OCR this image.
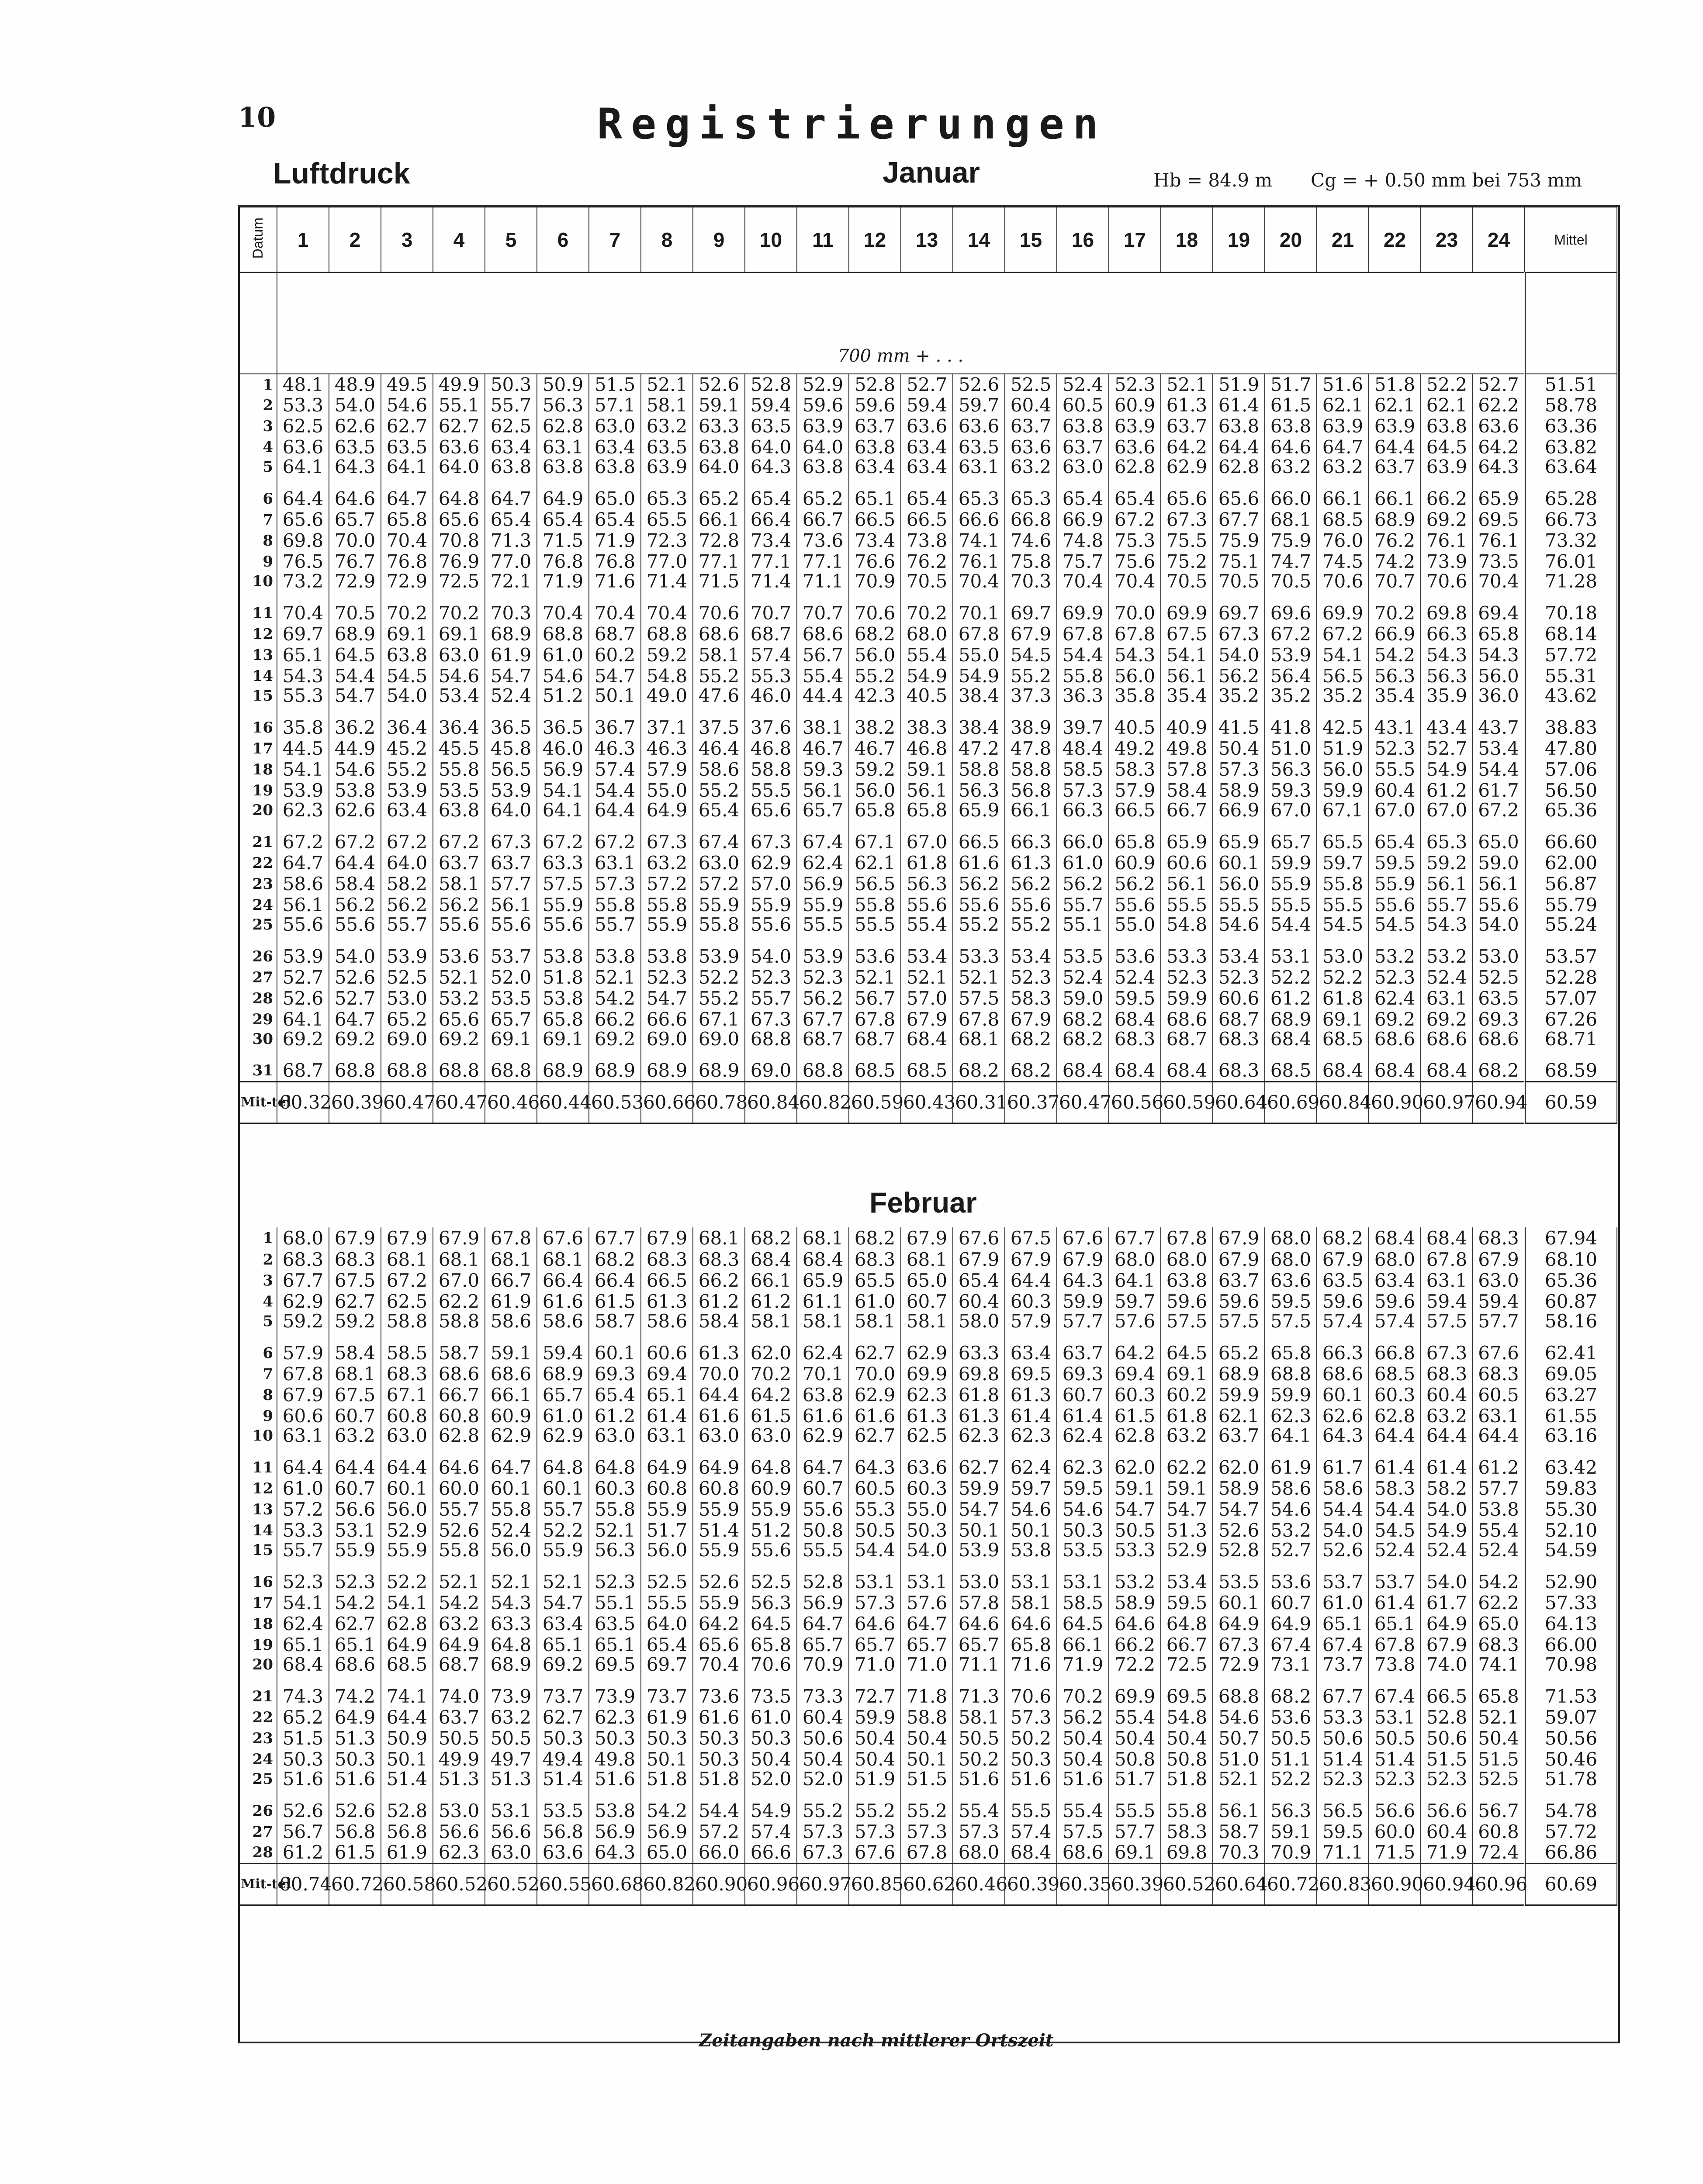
10	Registrierungen
Luftdruck	Januar	Hb = 84.9 m Cg = + 0.50 mm bei 753 mm
Datum	1	2	3	4	5	6	7	8	9	10	11	12	13	14	15	16	17	18	19	20	21	22	23	24	Mittel
	700 mm + . . .																								
1	48.1	48.9	49.5	49.9	50.3	50.9	51.5	52.1	52.6	52.8	52.9	52.8	52.7	52.6	52.5	52.4	52.3	52.1	51.9	51.7	51.6	51.8	52.2	52.7	51.51
2	53.3	54.0	54.6	55.1	55.7	56.3	57.1	58.1	59.1	59.4	59.6	59.6	59.4	59.7	60.4	60.5	60.9	61.3	61.4	61.5	62.1	62.1	62.1	62.2	58.78
3	62.5	62.6	62.7	62.7	62.5	62.8	63.0	63.2	63.3	63.5	63.9	63.7	63.6	63.6	63.7	63.8	63.9	63.7	63.8	63.8	63.9	63.9	63.8	63.6	63.36
4	63.6	63.5	63.5	63.6	63.4	63.1	63.4	63.5	63.8	64.0	64.0	63.8	63.4	63.5	63.6	63.7	63.6	64.2	64.4	64.6	64.7	64.4	64.5	64.2	63.82
5	64.1	64.3	64.1	64.0	63.8	63.8	63.8	63.9	64.0	64.3	63.8	63.4	63.4	63.1	63.2	63.0	62.8	62.9	62.8	63.2	63.2	63.7	63.9	64.3	63.64
6	64.4	64.6	64.7	64.8	64.7	64.9	65.0	65.3	65.2	65.4	65.2	65.1	65.4	65.3	65.3	65.4	65.4	65.6	65.6	66.0	66.1	66.1	66.2	65.9	65.28
7	65.6	65.7	65.8	65.6	65.4	65.4	65.4	65.5	66.1	66.4	66.7	66.5	66.5	66.6	66.8	66.9	67.2	67.3	67.7	68.1	68.5	68.9	69.2	69.5	66.73
8	69.8	70.0	70.4	70.8	71.3	71.5	71.9	72.3	72.8	73.4	73.6	73.4	73.8	74.1	74.6	74.8	75.3	75.5	75.9	75.9	76.0	76.2	76.1	76.1	73.32
9	76.5	76.7	76.8	76.9	77.0	76.8	76.8	77.0	77.1	77.1	77.1	76.6	76.2	76.1	75.8	75.7	75.6	75.2	75.1	74.7	74.5	74.2	73.9	73.5	76.01
10	73.2	72.9	72.9	72.5	72.1	71.9	71.6	71.4	71.5	71.4	71.1	70.9	70.5	70.4	70.3	70.4	70.4	70.5	70.5	70.5	70.6	70.7	70.6	70.4	71.28
11	70.4	70.5	70.2	70.2	70.3	70.4	70.4	70.4	70.6	70.7	70.7	70.6	70.2	70.1	69.7	69.9	70.0	69.9	69.7	69.6	69.9	70.2	69.8	69.4	70.18
12	69.7	68.9	69.1	69.1	68.9	68.8	68.7	68.8	68.6	68.7	68.6	68.2	68.0	67.8	67.9	67.8	67.8	67.5	67.3	67.2	67.2	66.9	66.3	65.8	68.14
13	65.1	64.5	63.8	63.0	61.9	61.0	60.2	59.2	58.1	57.4	56.7	56.0	55.4	55.0	54.5	54.4	54.3	54.1	54.0	53.9	54.1	54.2	54.3	54.3	57.72
14	54.3	54.4	54.5	54.6	54.7	54.6	54.7	54.8	55.2	55.3	55.4	55.2	54.9	54.9	55.2	55.8	56.0	56.1	56.2	56.4	56.5	56.3	56.3	56.0	55.31
15	55.3	54.7	54.0	53.4	52.4	51.2	50.1	49.0	47.6	46.0	44.4	42.3	40.5	38.4	37.3	36.3	35.8	35.4	35.2	35.2	35.2	35.4	35.9	36.0	43.62
16	35.8	36.2	36.4	36.4	36.5	36.5	36.7	37.1	37.5	37.6	38.1	38.2	38.3	38.4	38.9	39.7	40.5	40.9	41.5	41.8	42.5	43.1	43.4	43.7	38.83
17	44.5	44.9	45.2	45.5	45.8	46.0	46.3	46.3	46.4	46.8	46.7	46.7	46.8	47.2	47.8	48.4	49.2	49.8	50.4	51.0	51.9	52.3	52.7	53.4	47.80
18	54.1	54.6	55.2	55.8	56.5	56.9	57.4	57.9	58.6	58.8	59.3	59.2	59.1	58.8	58.8	58.5	58.3	57.8	57.3	56.3	56.0	55.5	54.9	54.4	57.06
19	53.9	53.8	53.9	53.5	53.9	54.1	54.4	55.0	55.2	55.5	56.1	56.0	56.1	56.3	56.8	57.3	57.9	58.4	58.9	59.3	59.9	60.4	61.2	61.7	56.50
20	62.3	62.6	63.4	63.8	64.0	64.1	64.4	64.9	65.4	65.6	65.7	65.8	65.8	65.9	66.1	66.3	66.5	66.7	66.9	67.0	67.1	67.0	67.0	67.2	65.36
21	67.2	67.2	67.2	67.2	67.3	67.2	67.2	67.3	67.4	67.3	67.4	67.1	67.0	66.5	66.3	66.0	65.8	65.9	65.9	65.7	65.5	65.4	65.3	65.0	66.60
22	64.7	64.4	64.0	63.7	63.7	63.3	63.1	63.2	63.0	62.9	62.4	62.1	61.8	61.6	61.3	61.0	60.9	60.6	60.1	59.9	59.7	59.5	59.2	59.0	62.00
23	58.6	58.4	58.2	58.1	57.7	57.5	57.3	57.2	57.2	57.0	56.9	56.5	56.3	56.2	56.2	56.2	56.2	56.1	56.0	55.9	55.8	55.9	56.1	56.1	56.87
24	56.1	56.2	56.2	56.2	56.1	55.9	55.8	55.8	55.9	55.9	55.9	55.8	55.6	55.6	55.6	55.7	55.6	55.5	55.5	55.5	55.5	55.6	55.7	55.6	55.79
25	55.6	55.6	55.7	55.6	55.6	55.6	55.7	55.9	55.8	55.6	55.5	55.5	55.4	55.2	55.2	55.1	55.0	54.8	54.6	54.4	54.5	54.5	54.3	54.0	55.24
26	53.9	54.0	53.9	53.6	53.7	53.8	53.8	53.8	53.9	54.0	53.9	53.6	53.4	53.3	53.4	53.5	53.6	53.3	53.4	53.1	53.0	53.2	53.2	53.0	53.57
27	52.7	52.6	52.5	52.1	52.0	51.8	52.1	52.3	52.2	52.3	52.3	52.1	52.1	52.1	52.3	52.4	52.4	52.3	52.3	52.2	52.2	52.3	52.4	52.5	52.28
28	52.6	52.7	53.0	53.2	53.5	53.8	54.2	54.7	55.2	55.7	56.2	56.7	57.0	57.5	58.3	59.0	59.5	59.9	60.6	61.2	61.8	62.4	63.1	63.5	57.07
29	64.1	64.7	65.2	65.6	65.7	65.8	66.2	66.6	67.1	67.3	67.7	67.8	67.9	67.8	67.9	68.2	68.4	68.6	68.7	68.9	69.1	69.2	69.2	69.3	67.26
30	69.2	69.2	69.0	69.2	69.1	69.1	69.2	69.0	69.0	68.8	68.7	68.7	68.4	68.1	68.2	68.2	68.3	68.7	68.3	68.4	68.5	68.6	68.6	68.6	68.71
31	68.7	68.8	68.8	68.8	68.8	68.9	68.9	68.9	68.9	69.0	68.8	68.5	68.5	68.2	68.2	68.4	68.4	68.4	68.3	68.5	68.4	68.4	68.4	68.2	68.59
Mit-tel	60.32	60.39	60.47	60.47	60.46	60.44	60.53	60.66	60.78	60.84	60.82	60.59	60.43	60.31	60.37	60.47	60.56	60.59	60.64	60.69	60.84	60.90	60.97	60.94	60.59
Februar
1	68.0	67.9	67.9	67.9	67.8	67.6	67.7	67.9	68.1	68.2	68.1	68.2	67.9	67.6	67.5	67.6	67.7	67.8	67.9	68.0	68.2	68.4	68.4	68.3	67.94
2	68.3	68.3	68.1	68.1	68.1	68.1	68.2	68.3	68.3	68.4	68.4	68.3	68.1	67.9	67.9	67.9	68.0	68.0	67.9	68.0	67.9	68.0	67.8	67.9	68.10
3	67.7	67.5	67.2	67.0	66.7	66.4	66.4	66.5	66.2	66.1	65.9	65.5	65.0	65.4	64.4	64.3	64.1	63.8	63.7	63.6	63.5	63.4	63.1	63.0	65.36
4	62.9	62.7	62.5	62.2	61.9	61.6	61.5	61.3	61.2	61.2	61.1	61.0	60.7	60.4	60.3	59.9	59.7	59.6	59.6	59.5	59.6	59.6	59.4	59.4	60.87
5	59.2	59.2	58.8	58.8	58.6	58.6	58.7	58.6	58.4	58.1	58.1	58.1	58.1	58.0	57.9	57.7	57.6	57.5	57.5	57.5	57.4	57.4	57.5	57.7	58.16
6	57.9	58.4	58.5	58.7	59.1	59.4	60.1	60.6	61.3	62.0	62.4	62.7	62.9	63.3	63.4	63.7	64.2	64.5	65.2	65.8	66.3	66.8	67.3	67.6	62.41
7	67.8	68.1	68.3	68.6	68.6	68.9	69.3	69.4	70.0	70.2	70.1	70.0	69.9	69.8	69.5	69.3	69.4	69.1	68.9	68.8	68.6	68.5	68.3	68.3	69.05
8	67.9	67.5	67.1	66.7	66.1	65.7	65.4	65.1	64.4	64.2	63.8	62.9	62.3	61.8	61.3	60.7	60.3	60.2	59.9	59.9	60.1	60.3	60.4	60.5	63.27
9	60.6	60.7	60.8	60.8	60.9	61.0	61.2	61.4	61.6	61.5	61.6	61.6	61.3	61.3	61.4	61.4	61.5	61.8	62.1	62.3	62.6	62.8	63.2	63.1	61.55
10	63.1	63.2	63.0	62.8	62.9	62.9	63.0	63.1	63.0	63.0	62.9	62.7	62.5	62.3	62.3	62.4	62.8	63.2	63.7	64.1	64.3	64.4	64.4	64.4	63.16
11	64.4	64.4	64.4	64.6	64.7	64.8	64.8	64.9	64.9	64.8	64.7	64.3	63.6	62.7	62.4	62.3	62.0	62.2	62.0	61.9	61.7	61.4	61.4	61.2	63.42
12	61.0	60.7	60.1	60.0	60.1	60.1	60.3	60.8	60.8	60.9	60.7	60.5	60.3	59.9	59.7	59.5	59.1	59.1	58.9	58.6	58.6	58.3	58.2	57.7	59.83
13	57.2	56.6	56.0	55.7	55.8	55.7	55.8	55.9	55.9	55.9	55.6	55.3	55.0	54.7	54.6	54.6	54.7	54.7	54.7	54.6	54.4	54.4	54.0	53.8	55.30
14	53.3	53.1	52.9	52.6	52.4	52.2	52.1	51.7	51.4	51.2	50.8	50.5	50.3	50.1	50.1	50.3	50.5	51.3	52.6	53.2	54.0	54.5	54.9	55.4	52.10
15	55.7	55.9	55.9	55.8	56.0	55.9	56.3	56.0	55.9	55.6	55.5	54.4	54.0	53.9	53.8	53.5	53.3	52.9	52.8	52.7	52.6	52.4	52.4	52.4	54.59
16	52.3	52.3	52.2	52.1	52.1	52.1	52.3	52.5	52.6	52.5	52.8	53.1	53.1	53.0	53.1	53.1	53.2	53.4	53.5	53.6	53.7	53.7	54.0	54.2	52.90
17	54.1	54.2	54.1	54.2	54.3	54.7	55.1	55.5	55.9	56.3	56.9	57.3	57.6	57.8	58.1	58.5	58.9	59.5	60.1	60.7	61.0	61.4	61.7	62.2	57.33
18	62.4	62.7	62.8	63.2	63.3	63.4	63.5	64.0	64.2	64.5	64.7	64.6	64.7	64.6	64.6	64.5	64.6	64.8	64.9	64.9	65.1	65.1	64.9	65.0	64.13
19	65.1	65.1	64.9	64.9	64.8	65.1	65.1	65.4	65.6	65.8	65.7	65.7	65.7	65.7	65.8	66.1	66.2	66.7	67.3	67.4	67.4	67.8	67.9	68.3	66.00
20	68.4	68.6	68.5	68.7	68.9	69.2	69.5	69.7	70.4	70.6	70.9	71.0	71.0	71.1	71.6	71.9	72.2	72.5	72.9	73.1	73.7	73.8	74.0	74.1	70.98
21	74.3	74.2	74.1	74.0	73.9	73.7	73.9	73.7	73.6	73.5	73.3	72.7	71.8	71.3	70.6	70.2	69.9	69.5	68.8	68.2	67.7	67.4	66.5	65.8	71.53
22	65.2	64.9	64.4	63.7	63.2	62.7	62.3	61.9	61.6	61.0	60.4	59.9	58.8	58.1	57.3	56.2	55.4	54.8	54.6	53.6	53.3	53.1	52.8	52.1	59.07
23	51.5	51.3	50.9	50.5	50.5	50.3	50.3	50.3	50.3	50.3	50.6	50.4	50.4	50.5	50.2	50.4	50.4	50.4	50.7	50.5	50.6	50.5	50.6	50.4	50.56
24	50.3	50.3	50.1	49.9	49.7	49.4	49.8	50.1	50.3	50.4	50.4	50.4	50.1	50.2	50.3	50.4	50.8	50.8	51.0	51.1	51.4	51.4	51.5	51.5	50.46
25	51.6	51.6	51.4	51.3	51.3	51.4	51.6	51.8	51.8	52.0	52.0	51.9	51.5	51.6	51.6	51.6	51.7	51.8	52.1	52.2	52.3	52.3	52.3	52.5	51.78
26	52.6	52.6	52.8	53.0	53.1	53.5	53.8	54.2	54.4	54.9	55.2	55.2	55.2	55.4	55.5	55.4	55.5	55.8	56.1	56.3	56.5	56.6	56.6	56.7	54.78
27	56.7	56.8	56.8	56.6	56.6	56.8	56.9	56.9	57.2	57.4	57.3	57.3	57.3	57.3	57.4	57.5	57.7	58.3	58.7	59.1	59.5	60.0	60.4	60.8	57.72
28	61.2	61.5	61.9	62.3	63.0	63.6	64.3	65.0	66.0	66.6	67.3	67.6	67.8	68.0	68.4	68.6	69.1	69.8	70.3	70.9	71.1	71.5	71.9	72.4	66.86
Mit-tel	60.74	60.72	60.58	60.52	60.52	60.55	60.68	60.82	60.90	60.96	60.97	60.85	60.62	60.46	60.39	60.35	60.39	60.52	60.64	60.72	60.83	60.90	60.94	60.96	60.69
Zeitangaben nach mittlerer Ortszeit
